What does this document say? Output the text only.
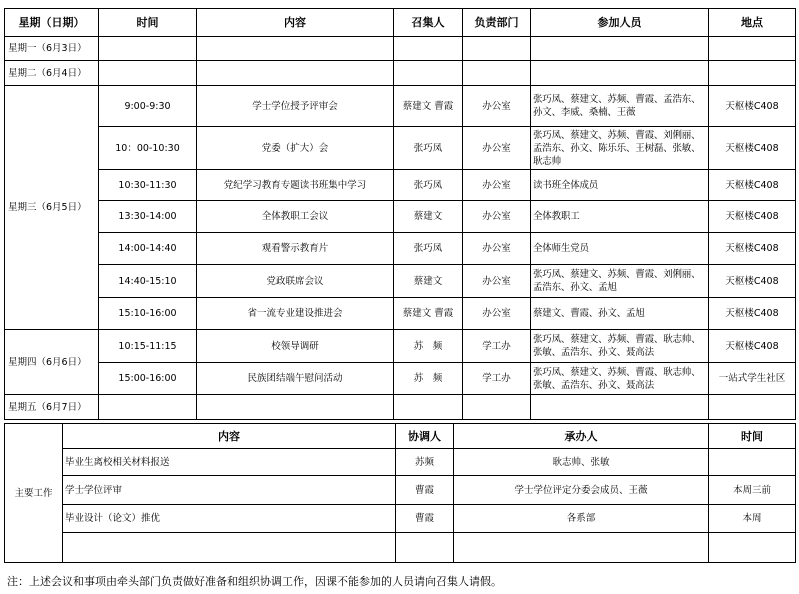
星期（日期）	时间	内容	召集人	负责部门	参加人员	地点
星期一（6月3日）						
星期二（6月4日）						
星期三（6月5日）	9:00-9:30	学士学位授予评审会	蔡建文 曹霞	办公室	张巧凤、蔡建文、苏频、曹霞、孟浩东、孙文、李威、桑楠、王薇	天枢楼C408
	10：00-10:30	党委（扩大）会	张巧凤	办公室	张巧凤、蔡建文、苏频、曹霞、刘俐丽、孟浩东、孙文、陈乐乐、王树磊、张敏、耿志帅	天枢楼C408
	10:30-11:30	党纪学习教育专题读书班集中学习	张巧凤	办公室	读书班全体成员	天枢楼C408
	13:30-14:00	全体教职工会议	蔡建文	办公室	全体教职工	天枢楼C408
	14:00-14:40	观看警示教育片	张巧凤	办公室	全体师生党员	天枢楼C408
	14:40-15:10	党政联席会议	蔡建文	办公室	张巧凤、蔡建文、苏频、曹霞、刘俐丽、孟浩东、孙文、孟旭	天枢楼C408
	15:10-16:00	省一流专业建设推进会	蔡建文 曹霞	办公室	蔡建文、曹霞、孙文、孟旭	天枢楼C408
星期四（6月6日）	10:15-11:15	校领导调研	苏　频	学工办	张巧凤、蔡建文、苏频、曹霞、耿志帅、张敏、孟浩东、孙文、聂高法	天枢楼C408
	15:00-16:00	民族团结端午慰问活动	苏　频	学工办	张巧凤、蔡建文、苏频、曹霞、耿志帅、张敏、孟浩东、孙文、聂高法	一站式学生社区
星期五（6月7日）						
主要工作	内容	协调人	承办人	时间
	毕业生离校相关材料报送	苏频	耿志帅、张敏	
	学士学位评审	曹霞	学士学位评定分委会成员、王薇	本周三前
	毕业设计（论文）推优	曹霞	各系部	本周

注：上述会议和事项由牵头部门负责做好准备和组织协调工作，因课不能参加的人员请向召集人请假。
